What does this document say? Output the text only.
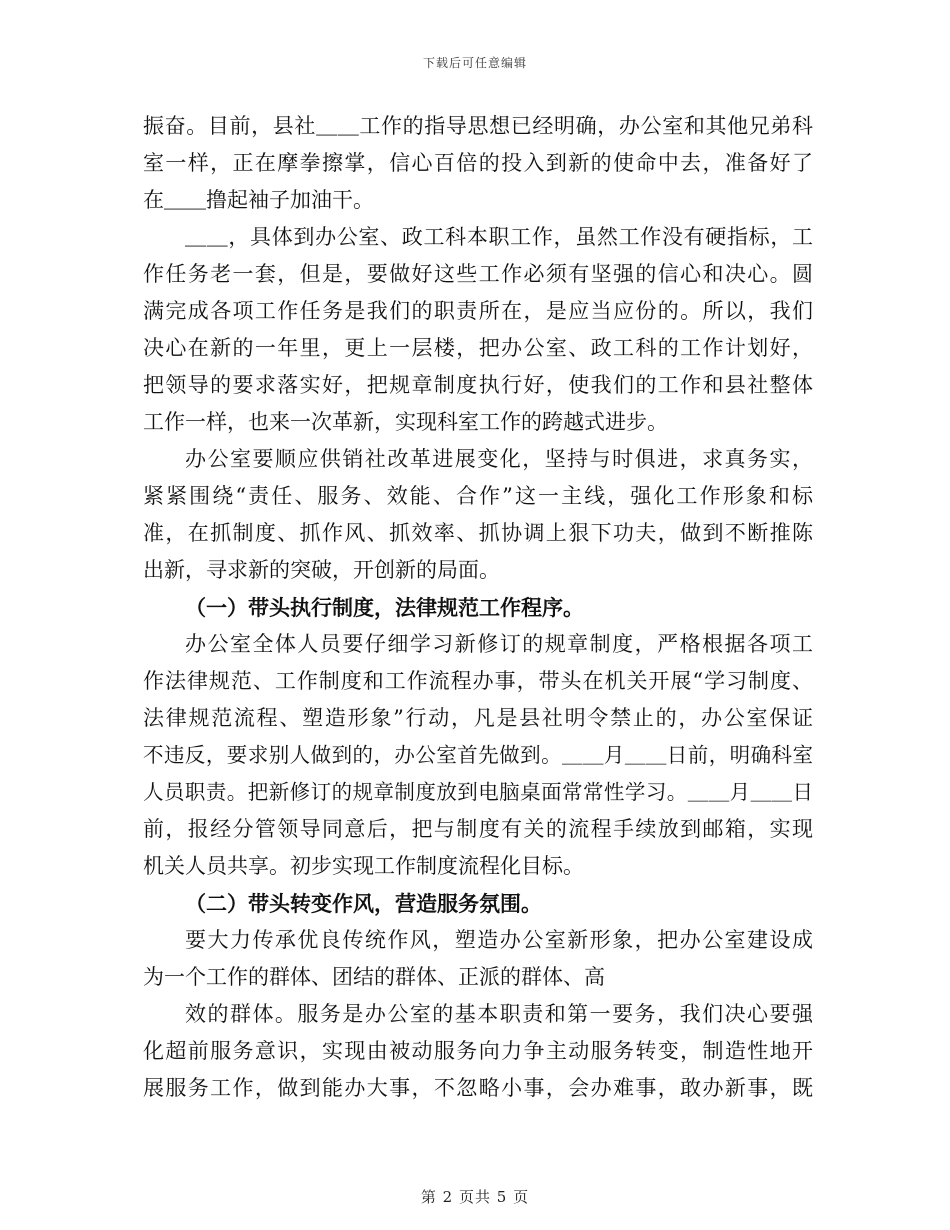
下载后可任意编辑
振奋。目前，县社＿＿工作的指导思想已经明确，办公室和其他兄弟科
室一样，正在摩拳擦掌，信心百倍的投入到新的使命中去，准备好了
在＿＿撸起袖子加油干。
＿＿，具体到办公室、政工科本职工作，虽然工作没有硬指标，工
作任务老一套，但是，要做好这些工作必须有坚强的信心和决心。圆
满完成各项工作任务是我们的职责所在，是应当应份的。所以，我们
决心在新的一年里，更上一层楼，把办公室、政工科的工作计划好，
把领导的要求落实好，把规章制度执行好，使我们的工作和县社整体
工作一样，也来一次革新，实现科室工作的跨越式进步。
办公室要顺应供销社改革进展变化，坚持与时俱进，求真务实，
紧紧围绕“责任、服务、效能、合作”这一主线，强化工作形象和标
准，在抓制度、抓作风、抓效率、抓协调上狠下功夫，做到不断推陈
出新，寻求新的突破，开创新的局面。
（一）带头执行制度，法律规范工作程序。
办公室全体人员要仔细学习新修订的规章制度，严格根据各项工
作法律规范、工作制度和工作流程办事，带头在机关开展“学习制度、
法律规范流程、塑造形象”行动，凡是县社明令禁止的，办公室保证
不违反，要求别人做到的，办公室首先做到。＿＿月＿＿日前，明确科室
人员职责。把新修订的规章制度放到电脑桌面常常性学习。＿＿月＿＿日
前，报经分管领导同意后，把与制度有关的流程手续放到邮箱，实现
机关人员共享。初步实现工作制度流程化目标。
（二）带头转变作风，营造服务氛围。
要大力传承优良传统作风，塑造办公室新形象，把办公室建设成
为一个工作的群体、团结的群体、正派的群体、高
效的群体。服务是办公室的基本职责和第一要务，我们决心要强
化超前服务意识，实现由被动服务向力争主动服务转变，制造性地开
展服务工作，做到能办大事，不忽略小事，会办难事，敢办新事，既
第 2 页共 5 页
